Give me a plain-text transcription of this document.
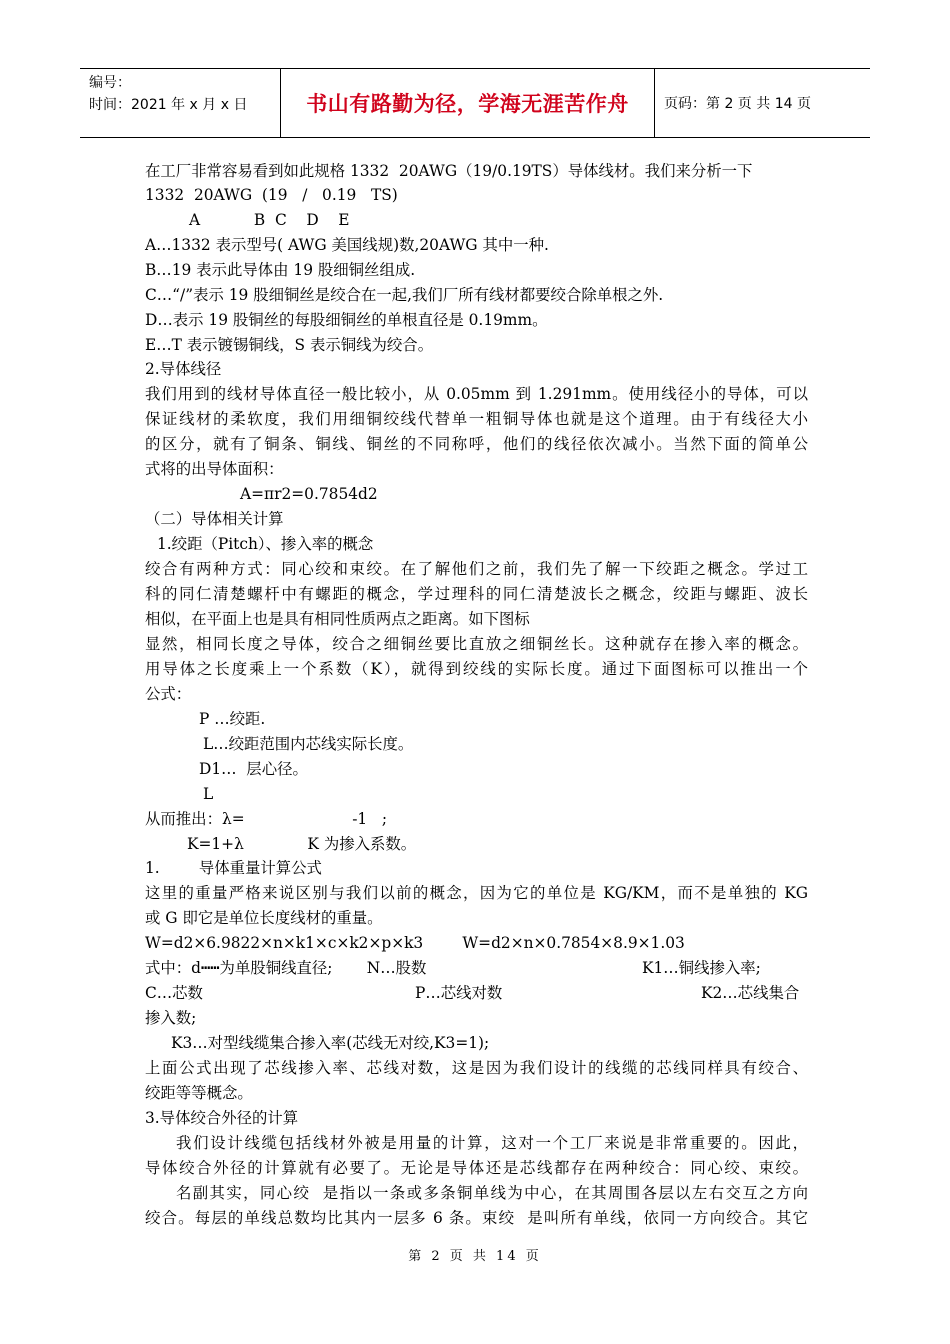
编号：
时间：2021 年 x 月 x 日	书山有路勤为径，学海无涯苦作舟	页码：第 2 页 共 14 页
在工厂非常容易看到如此规格 1332  20AWG（19/0.19TS）导体线材。我们来分析一下
1332  20AWG  (19   /   0.19   TS)
A           B  C    D    E
A…1332 表示型号( AWG 美国线规)数,20AWG 其中一种.
B…19 表示此导体由 19 股细铜丝组成.
C…“/”表示 19 股细铜丝是绞合在一起,我们厂所有线材都要绞合除单根之外.
D…表示 19 股铜丝的每股细铜丝的单根直径是 0.19mm。
E…T 表示镀锡铜线，S 表示铜线为绞合。
2.导体线径
我们用到的线材导体直径一般比较小，从 0.05mm 到 1.291mm。使用线径小的导体，可以
保证线材的柔软度，我们用细铜绞线代替单一粗铜导体也就是这个道理。由于有线径大小
的区分，就有了铜条、铜线、铜丝的不同称呼，他们的线径依次减小。当然下面的简单公
式将的出导体面积：
A=πr2=0.7854d2
（二）导体相关计算
1.绞距（Pitch）、掺入率的概念
绞合有两种方式：同心绞和束绞。在了解他们之前，我们先了解一下绞距之概念。学过工
科的同仁清楚螺杆中有螺距的概念，学过理科的同仁清楚波长之概念，绞距与螺距、波长
相似，在平面上也是具有相同性质两点之距离。如下图标
显然，相同长度之导体，绞合之细铜丝要比直放之细铜丝长。这种就存在掺入率的概念。
用导体之长度乘上一个系数（K），就得到绞线的实际长度。通过下面图标可以推出一个
公式：
P …绞距.
L…绞距范围内芯线实际长度。
D1…  层心径。
L
从而推出：λ=                      -1   ;
K=1+λ             K 为掺入系数。
1.        导体重量计算公式
这里的重量严格来说区别与我们以前的概念，因为它的单位是 KG/KM，而不是单独的 KG
或 G 即它是单位长度线材的重量。
W=d2×6.9822×n×k1×c×k2×p×k3        W=d2×n×0.7854×8.9×1.03
式中：d┅┅为单股铜线直径;       N…股数	K1…铜线掺入率;
C…芯数	P…芯线对数	K2…芯线集合
掺入数;
K3…对型线缆集合掺入率(芯线无对绞,K3=1);
上面公式出现了芯线掺入率、芯线对数，这是因为我们设计的线缆的芯线同样具有绞合、
绞距等等概念。
3.导体绞合外径的计算
我们设计线缆包括线材外被是用量的计算，这对一个工厂来说是非常重要的。因此，
导体绞合外径的计算就有必要了。无论是导体还是芯线都存在两种绞合：同心绞、束绞。
名副其实，同心绞  是指以一条或多条铜单线为中心，在其周围各层以左右交互之方向
绞合。每层的单线总数均比其内一层多 6 条。束绞  是叫所有单线，依同一方向绞合。其它
第 2 页 共 14 页
